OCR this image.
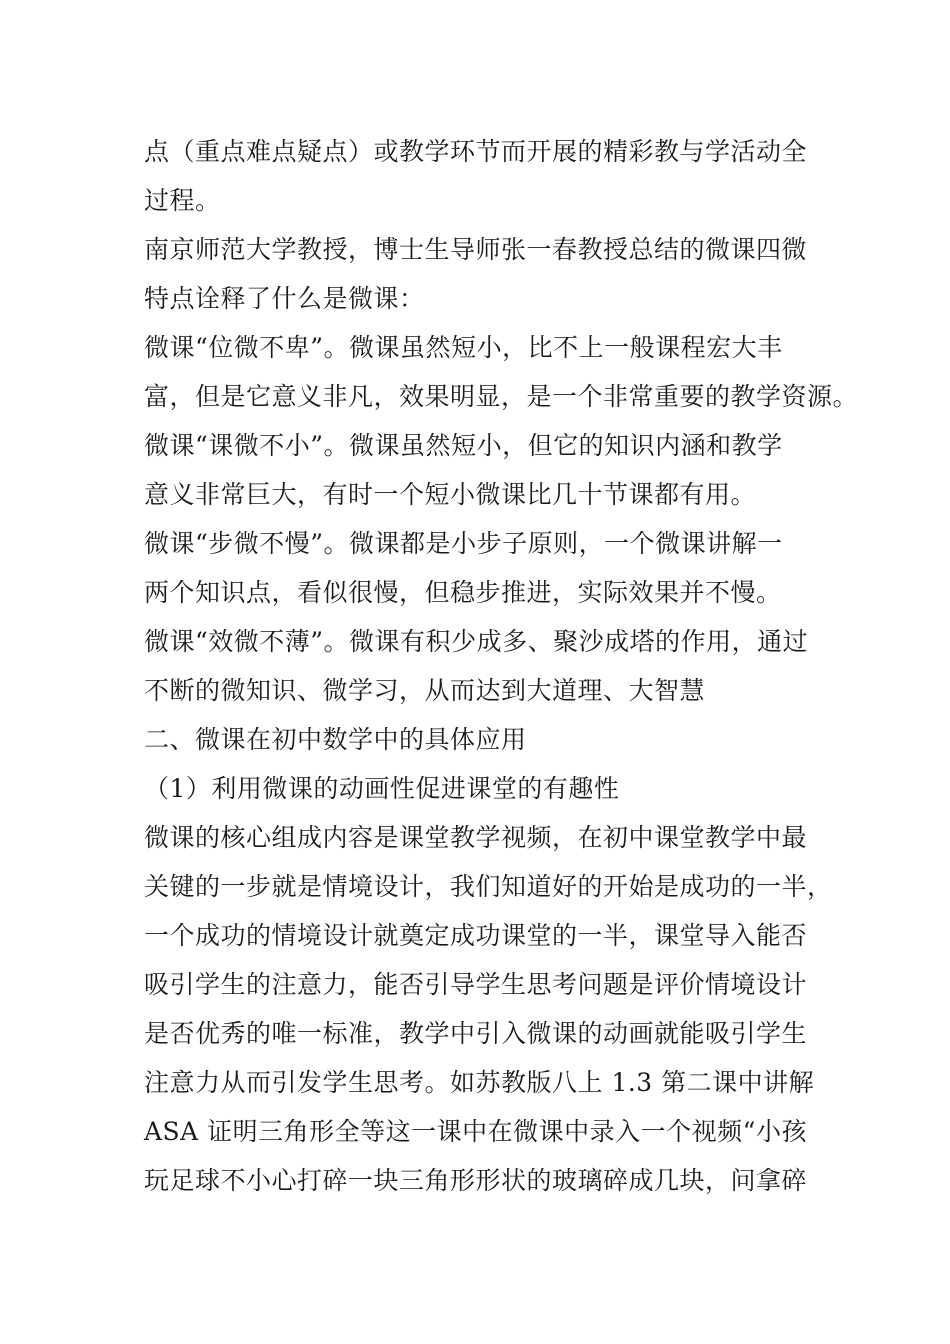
点（重点难点疑点）或教学环节而开展的精彩教与学活动全
过程。
南京师范大学教授，博士生导师张一春教授总结的微课四微
特点诠释了什么是微课：
微课“位微不卑”。微课虽然短小，比不上一般课程宏大丰
富，但是它意义非凡，效果明显，是一个非常重要的教学资源。
微课“课微不小”。微课虽然短小，但它的知识内涵和教学
意义非常巨大，有时一个短小微课比几十节课都有用。
微课“步微不慢”。微课都是小步子原则，一个微课讲解一
两个知识点，看似很慢，但稳步推进，实际效果并不慢。
微课“效微不薄”。微课有积少成多、聚沙成塔的作用，通过
不断的微知识、微学习，从而达到大道理、大智慧
二、微课在初中数学中的具体应用
（1）利用微课的动画性促进课堂的有趣性
微课的核心组成内容是课堂教学视频，在初中课堂教学中最
关键的一步就是情境设计，我们知道好的开始是成功的一半，
一个成功的情境设计就奠定成功课堂的一半，课堂导入能否
吸引学生的注意力，能否引导学生思考问题是评价情境设计
是否优秀的唯一标准，教学中引入微课的动画就能吸引学生
注意力从而引发学生思考。如苏教版八上 1.3 第二课中讲解
ASA 证明三角形全等这一课中在微课中录入一个视频“小孩
玩足球不小心打碎一块三角形形状的玻璃碎成几块，问拿碎
